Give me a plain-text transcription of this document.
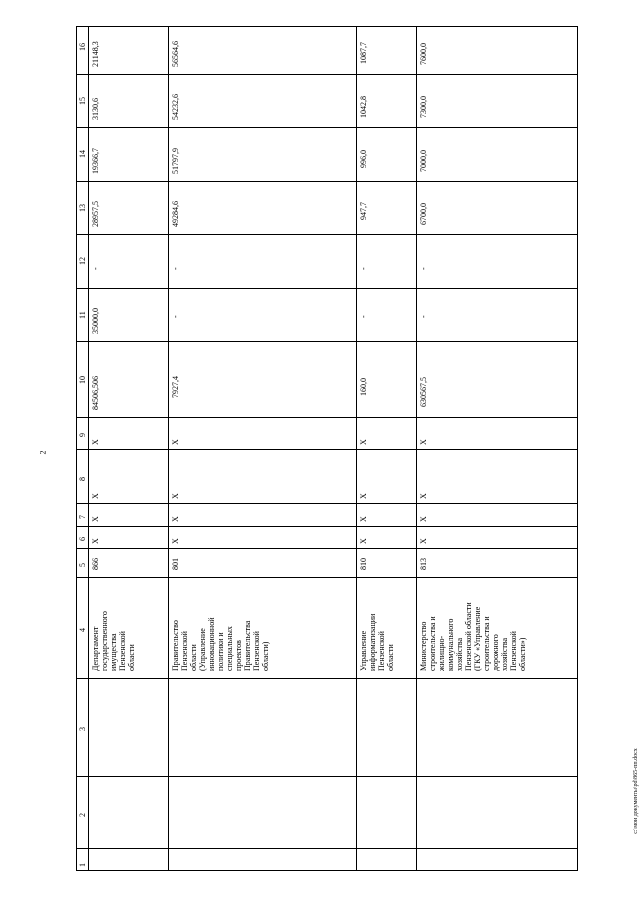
2
1
2
3
4
5
6
7
8
9
10
11
12
13
14
15
16
Департамент
государственного
имущества
Пензенской
области
866
X
X
X
X
84506,506
35000,0
-
28957,5
19366,7
3130,6
21148,3
Правительство
Пензенской
области
(Управление
инновационной
политики и
специальных
проектов
Правительства
Пензенской
области)
801
X
X
X
X
7927,4
-
-
49284,6
51797,9
54232,6
56564,6
Управление
информатизации
Пензенской
области
810
X
X
X
X
160,0
-
-
947,7
996,0
1042,8
1087,7
Министерство
строительства и
жилищно-
коммунального
хозяйства
Пензенской области
(ГКУ «Управление
строительства и
дорожного
хозяйства
Пензенской
области»)
813
X
X
X
X
630567,5
-
-
6700,0
7000,0
7300,0
7600,0
c:\мои документы\pd\865-пп.docx
